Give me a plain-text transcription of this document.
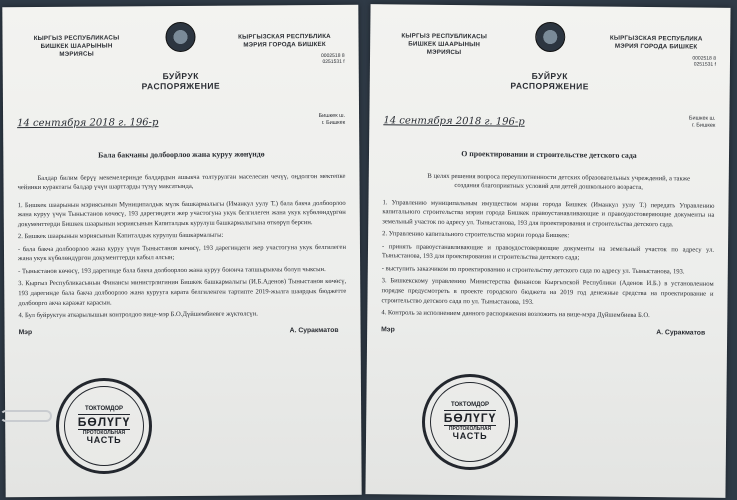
КЫРГЫЗ РЕСПУБЛИКАСЫ
БИШКЕК ШААРЫНЫН
МЭРИЯСЫ
КЫРГЫЗСКАЯ РЕСПУБЛИКА
МЭРИЯ ГОРОДА БИШКЕК
0002518 8
0251531 f
БУЙРУК
РАСПОРЯЖЕНИЕ
14 сентября 2018 г. 196-р
Бишкек ш.
г. Бишкек
Бала бакчаны долбоорлоо жана куруу жөнүндө

Балдар билим берүү мекемелеринде балдардын ашыкча толтурулган маселесин чечүү, оңдолгон мектепке чейинки курактагы балдар үчүн шарттарды түзүү максатында,

1. Бишкек шаарынын мэриясынын Муниципалдык мүлк башкармалыгы (Иманкул уулу Т.) бала бакча долбоорлоо жана куруу үчүн Тыныстанов көчөсү, 193 дарегиндеги жер участогуна укук белгилеген жана укук күбөлөндүргөн документтерди Бишкек шаарынын мэриясынын Капиталдык курулуш башкармалыгына өткөрүп берсин.

2. Бишкек шаарынын мэриясынын Капиталдык курулуш башкармалыгы:

- бала бакча долбоорлоо жана куруу үчүн Тыныстанов көчөсү, 193 дарегиндеги жер участогуна укук белгилеген жана укук күбөлөндүргөн документтерди кабыл алсын;

- Тыныстанов көчөсү, 193 дарегинде бала бакча долбоорлоо жана куруу боюнча тапшырыкчы болуп чыксын.

3. Кыргыз Республикасынын Финансы министрлигинин Бишкек башкармалыгы (И.Б.Аденов) Тыныстанов көчөсү, 193 дарегинде бала бакча долбоорлоо жана курууга карата белгиленген тартипте 2019-жылга шаардык бюджетте долбоорго акча каражат карасын.

4. Бул буйруктун аткарылышын контролдоо вице-мэр Б.О.Дүйшембиевге жүктөлсүн.

Мэр	А. Суракматов
КЫРГЫЗ РЕСПУБЛИКАСЫ
БИШКЕК ШААРЫНЫН
МЭРИЯСЫ
КЫРГЫЗСКАЯ РЕСПУБЛИКА
МЭРИЯ ГОРОДА БИШКЕК
0002518 8
0251531 f
БУЙРУК
РАСПОРЯЖЕНИЕ
14 сентября 2018 г. 196-р	Бишкек ш.
г. Бишкек
О проектировании и строительстве детского сада

В целях решения вопроса переуплотненности детских образовательных учреждений, а также создания благоприятных условий для детей дошкольного возраста,

1. Управлению муниципальным имуществом мэрии города Бишкек (Иманкул уулу Т.) передать Управлению капитального строительства мэрии города Бишкек правоустанавливающие и правоудостоверяющие документы на земельный участок по адресу ул. Тыныстанова, 193 для проектирования и строительства детского сада.

2. Управлению капитального строительства мэрии города Бишкек:

- принять правоустанавливающие и правоудостоверяющие документы на земельный участок по адресу ул. Тыныстанова, 193 для проектирования и строительства детского сада;

- выступить заказчиком по проектированию и строительству детского сада по адресу ул. Тыныстанова, 193.

3. Бишкекскому управлению Министерства финансов Кыргызской Республики (Аденов И.Б.) в установленном порядке предусмотреть в проекте городского бюджета на 2019 год денежные средства на проектирование и строительство детского сада по ул. Тыныстанова, 193.

4. Контроль за исполнением данного распоряжения возложить на вице-мэра Дүйшембиева Б.О.

Мэр	А. Суракматов
ТОКТОМДОР
БӨЛҮГҮ
ПРОТОКОЛЬНАЯ
ЧАСТЬ
ТОКТОМДОР
БӨЛҮГҮ
ПРОТОКОЛЬНАЯ
ЧАСТЬ
